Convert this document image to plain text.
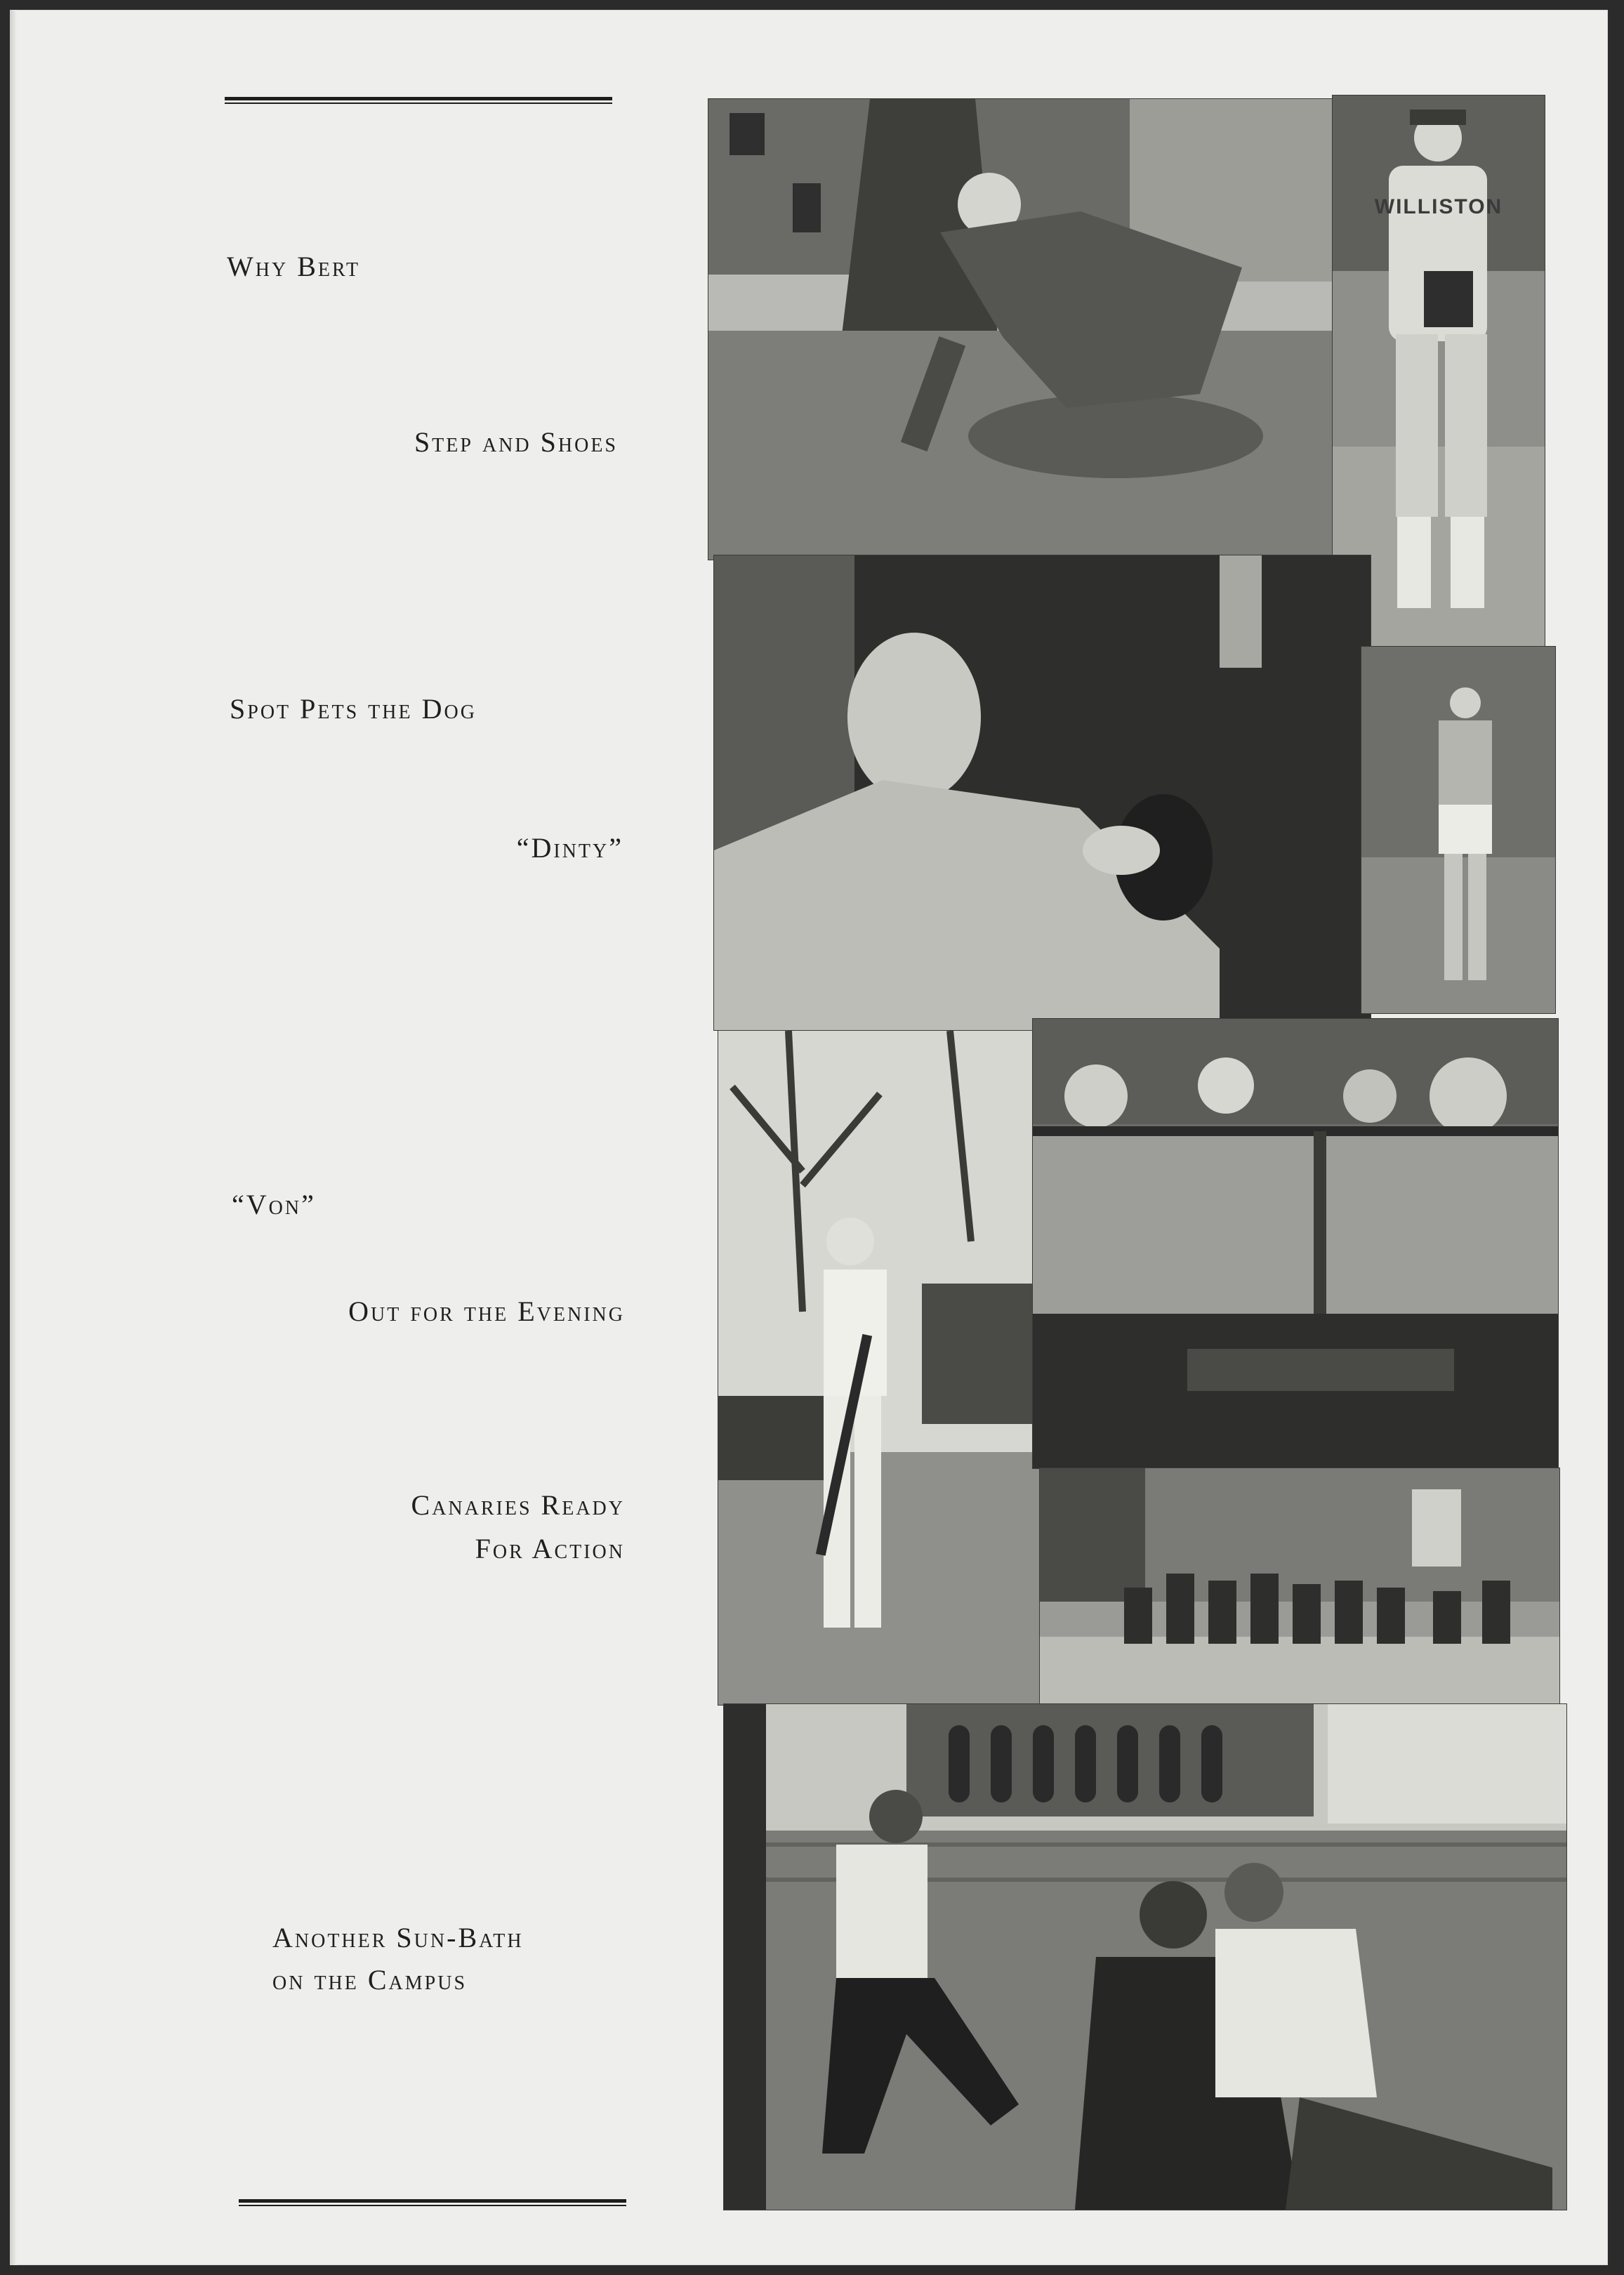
Why Bert
Step and Shoes
Spot Pets the Dog
“Dinty”
“Von”
Out for the Evening
Canaries Ready
For Action
Another Sun-Bath
on the Campus
WILLISTON
